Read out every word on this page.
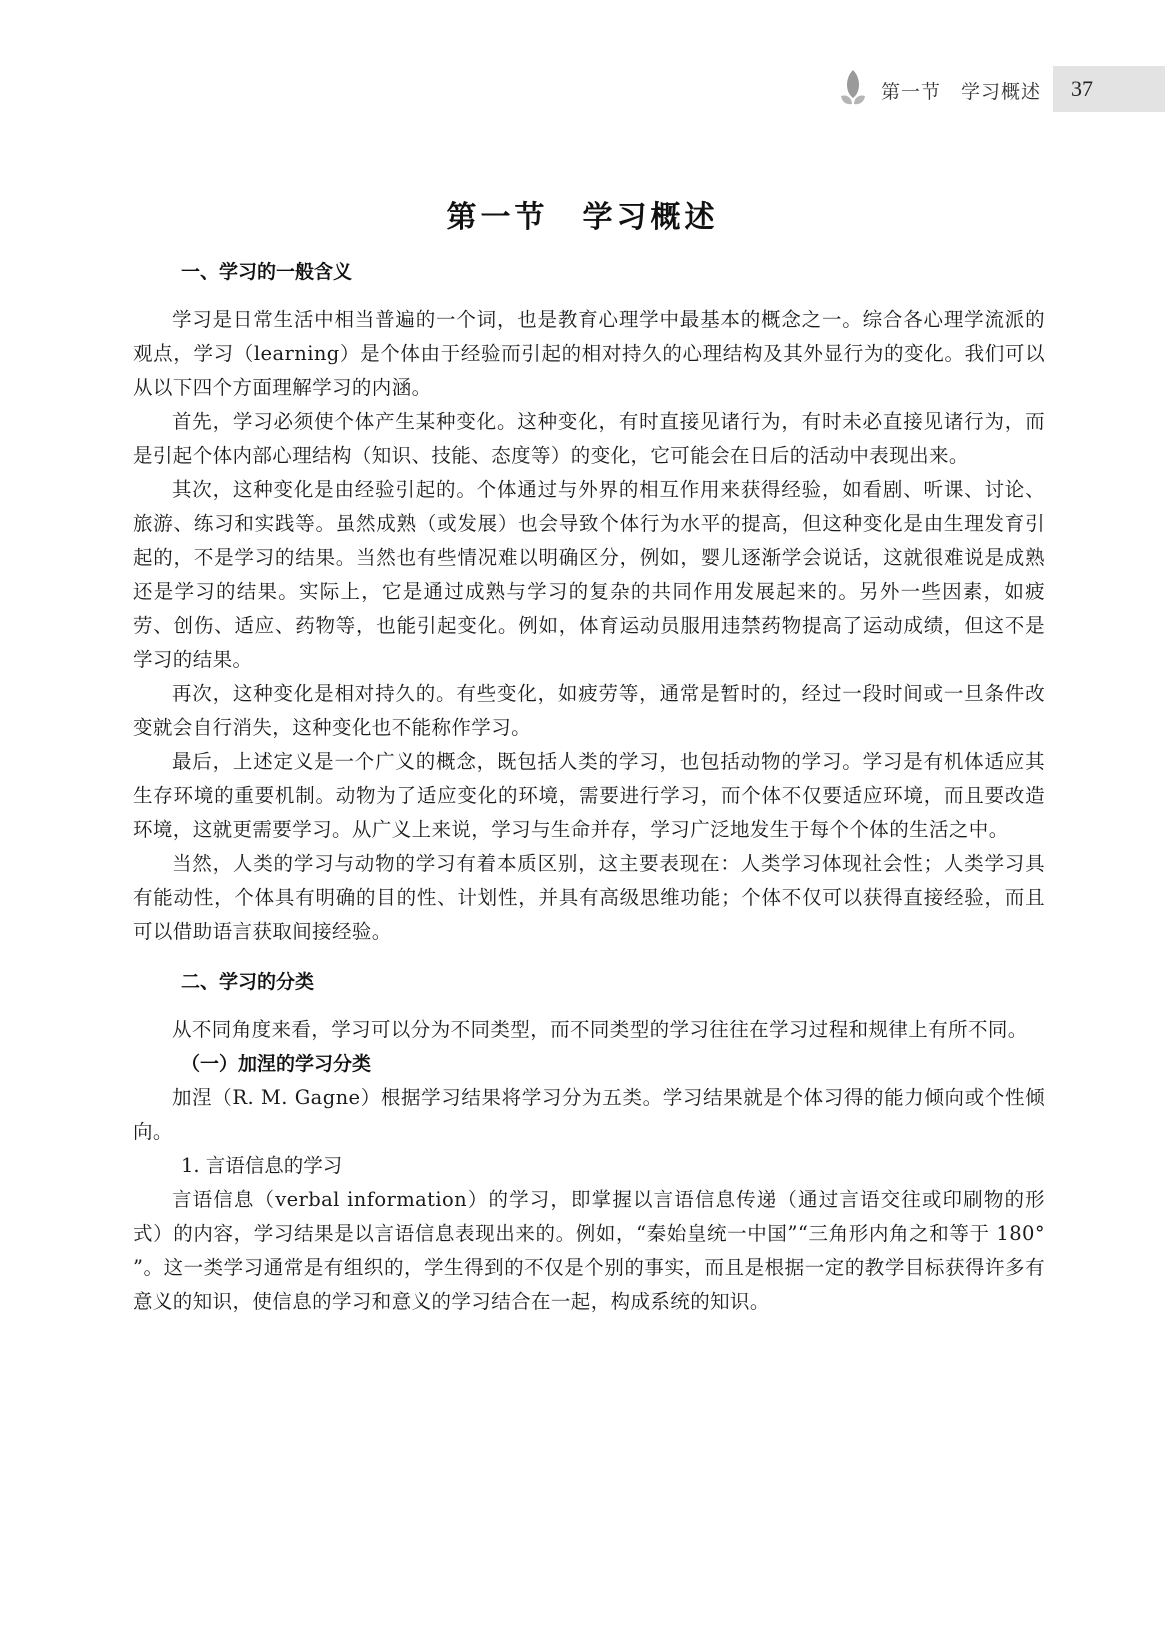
第一节　学习概述 37
第一节　学习概述
一、学习的一般含义

学习是日常生活中相当普遍的一个词，也是教育心理学中最基本的概念之一。综合各心理学流派的观点，学习（learning）是个体由于经验而引起的相对持久的心理结构及其外显行为的变化。我们可以从以下四个方面理解学习的内涵。

首先，学习必须使个体产生某种变化。这种变化，有时直接见诸行为，有时未必直接见诸行为，而是引起个体内部心理结构（知识、技能、态度等）的变化，它可能会在日后的活动中表现出来。

其次，这种变化是由经验引起的。个体通过与外界的相互作用来获得经验，如看剧、听课、讨论、旅游、练习和实践等。虽然成熟（或发展）也会导致个体行为水平的提高，但这种变化是由生理发育引起的，不是学习的结果。当然也有些情况难以明确区分，例如，婴儿逐渐学会说话，这就很难说是成熟还是学习的结果。实际上，它是通过成熟与学习的复杂的共同作用发展起来的。另外一些因素，如疲劳、创伤、适应、药物等，也能引起变化。例如，体育运动员服用违禁药物提高了运动成绩，但这不是学习的结果。

再次，这种变化是相对持久的。有些变化，如疲劳等，通常是暂时的，经过一段时间或一旦条件改变就会自行消失，这种变化也不能称作学习。

最后，上述定义是一个广义的概念，既包括人类的学习，也包括动物的学习。学习是有机体适应其生存环境的重要机制。动物为了适应变化的环境，需要进行学习，而个体不仅要适应环境，而且要改造环境，这就更需要学习。从广义上来说，学习与生命并存，学习广泛地发生于每个个体的生活之中。

当然，人类的学习与动物的学习有着本质区别，这主要表现在：人类学习体现社会性；人类学习具有能动性，个体具有明确的目的性、计划性，并具有高级思维功能；个体不仅可以获得直接经验，而且可以借助语言获取间接经验。

二、学习的分类

从不同角度来看，学习可以分为不同类型，而不同类型的学习往往在学习过程和规律上有所不同。

（一）加涅的学习分类

加涅（R. M. Gagne）根据学习结果将学习分为五类。学习结果就是个体习得的能力倾向或个性倾向。

1. 言语信息的学习

言语信息（verbal information）的学习，即掌握以言语信息传递（通过言语交往或印刷物的形式）的内容，学习结果是以言语信息表现出来的。例如，“秦始皇统一中国”“三角形内角之和等于 180° ”。这一类学习通常是有组织的，学生得到的不仅是个别的事实，而且是根据一定的教学目标获得许多有意义的知识，使信息的学习和意义的学习结合在一起，构成系统的知识。
